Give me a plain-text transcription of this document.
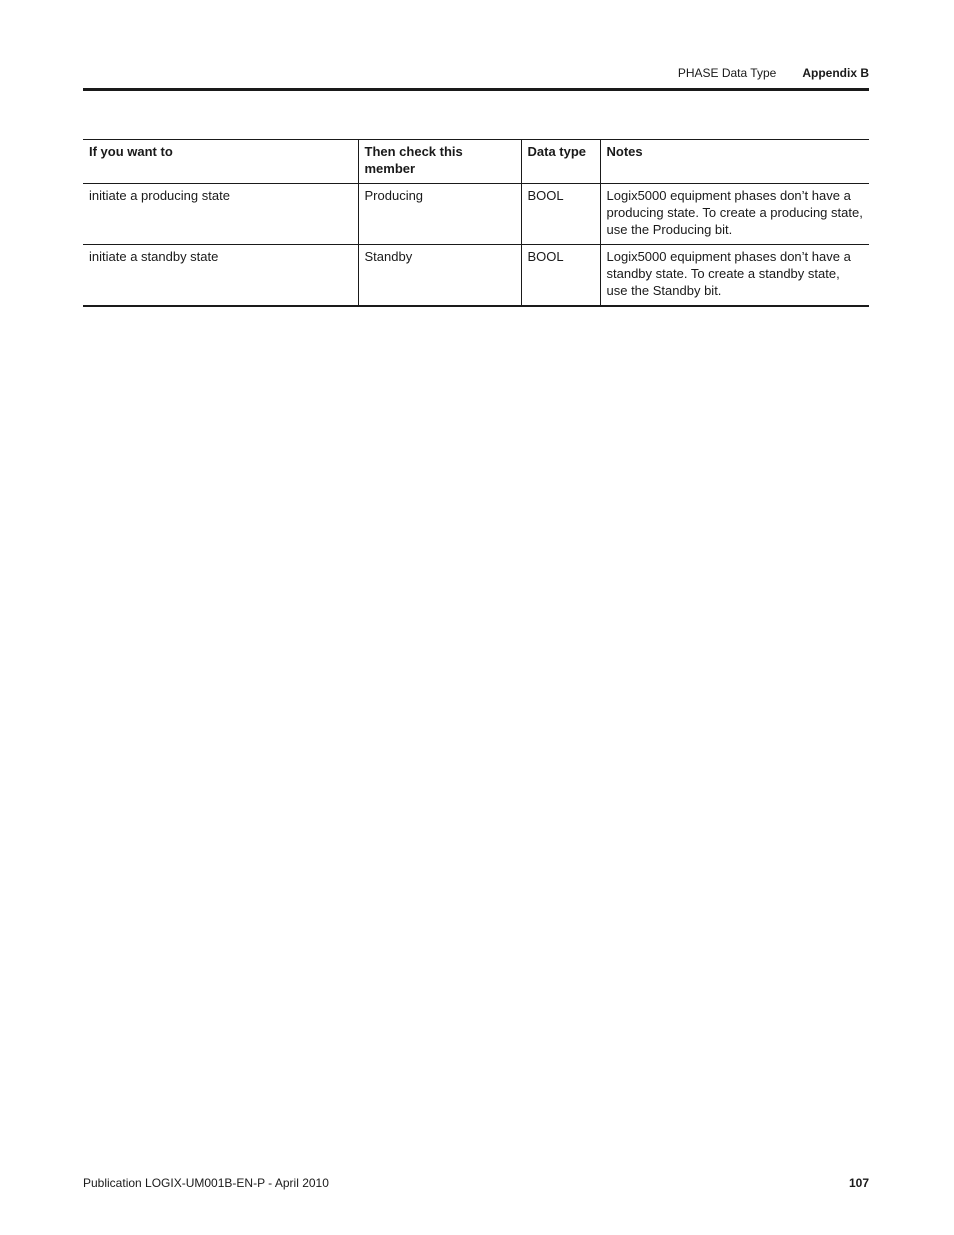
PHASE Data Type Appendix B
If you want to	Then check this member	Data type	Notes
initiate a producing state	Producing	BOOL	Logix5000 equipment phases don’t have a producing state. To create a producing state, use the Producing bit.
initiate a standby state	Standby	BOOL	Logix5000 equipment phases don’t have a standby state. To create a standby state, use the Standby bit.
Publication LOGIX-UM001B-EN-P - April 2010	107
